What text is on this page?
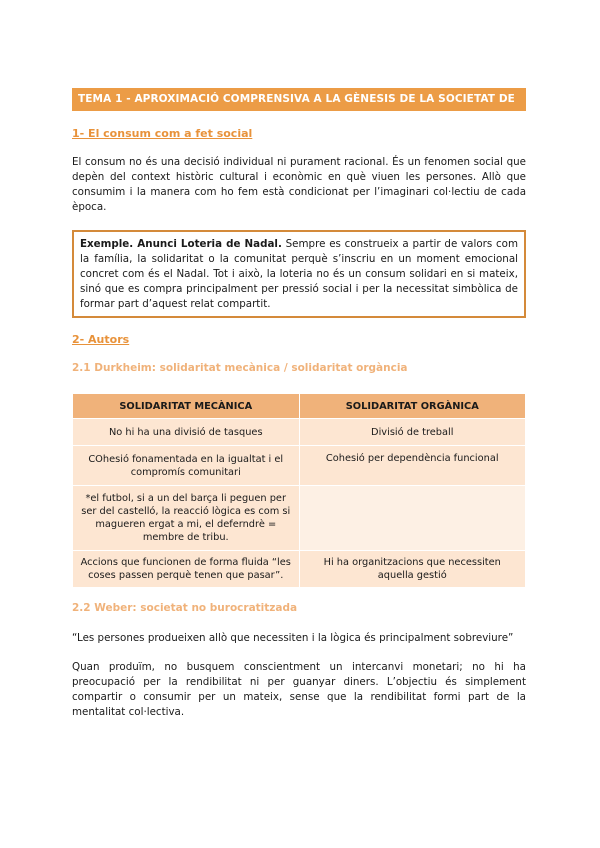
TEMA 1 - APROXIMACIÓ COMPRENSIVA A LA GÈNESIS DE LA SOCIETAT DE MASES
1- El consum com a fet social

El consum no és una decisió individual ni purament racional. És un fenomen social que depèn del context històric cultural i econòmic en què viuen les persones. Allò que consumim i la manera com ho fem està condicionat per l’imaginari col·lectiu de cada època.

Exemple. Anunci Loteria de Nadal. Sempre es construeix a partir de valors com la família, la solidaritat o la comunitat perquè s’inscriu en un moment emocional concret com és el Nadal. Tot i això, la loteria no és un consum solidari en si mateix, sinó que es compra principalment per pressió social i per la necessitat simbòlica de formar part d’aquest relat compartit.
2- Autors
2.1 Durkheim: solidaritat mecànica / solidaritat orgància
SOLIDARITAT MECÀNICA	SOLIDARITAT ORGÀNICA
No hi ha una divisió de tasques	Divisió de treball
COhesió fonamentada en la igualtat i el compromís comunitari	Cohesió per dependència funcional
*el futbol, si a un del barça li peguen per ser del castelló, la reacció lògica es com si magueren ergat a mi, el deferndrè = membre de tribu.	
Accions que funcionen de forma fluida “les coses passen perquè tenen que pasar”.	Hi ha organitzacions que necessiten aquella gestió
2.2 Weber: societat no burocratitzada
“Les persones produeixen allò que necessiten i la lògica és principalment sobreviure”

Quan produïm, no busquem conscientment un intercanvi monetari; no hi ha preocupació per la rendibilitat ni per guanyar diners. L’objectiu és simplement compartir o consumir per un mateix, sense que la rendibilitat formi part de la mentalitat col·lectiva.
